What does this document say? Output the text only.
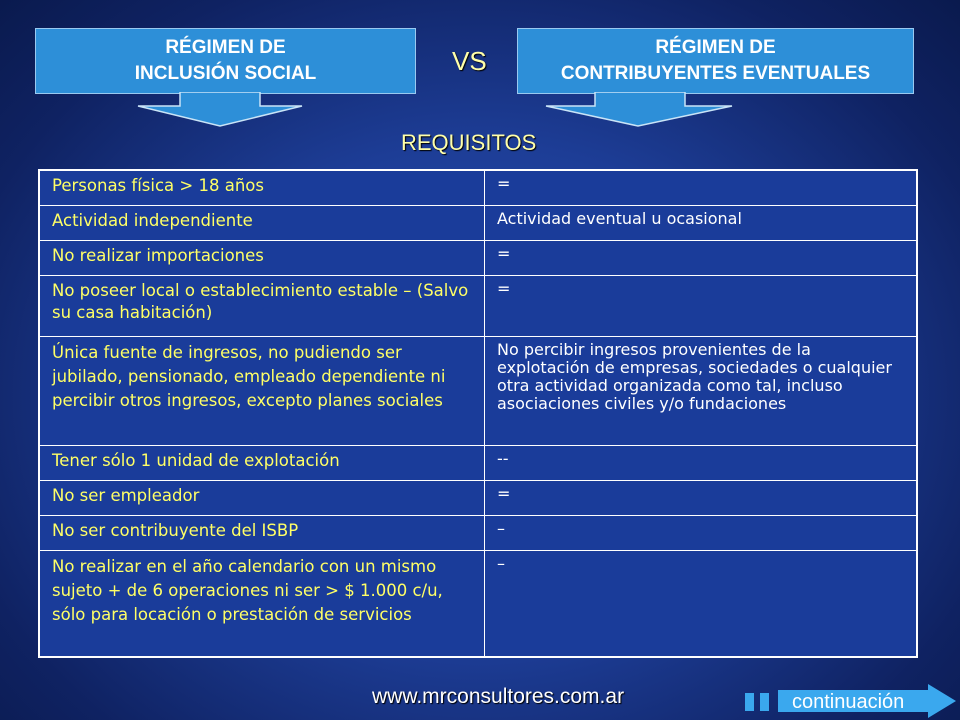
RÉGIMEN DE
INCLUSIÓN SOCIAL	VS	RÉGIMEN DE
CONTRIBUYENTES EVENTUALES
REQUISITOS
Personas física > 18 años	=
Actividad independiente	Actividad eventual u ocasional
No realizar importaciones	=
No poseer local o establecimiento estable – (Salvo su casa habitación)	=
Única fuente de ingresos, no pudiendo ser jubilado, pensionado, empleado dependiente ni percibir otros ingresos, excepto planes sociales	No percibir ingresos provenientes de la explotación de empresas, sociedades o cualquier otra actividad organizada como tal, incluso asociaciones civiles y/o fundaciones
Tener sólo 1 unidad de explotación	--
No ser empleador	=
No ser contribuyente del ISBP	–
No realizar en el año calendario con un mismo sujeto + de 6 operaciones ni ser > $ 1.000 c/u, sólo para locación o prestación de servicios	–
www.mrconsultores.com.ar	continuación
